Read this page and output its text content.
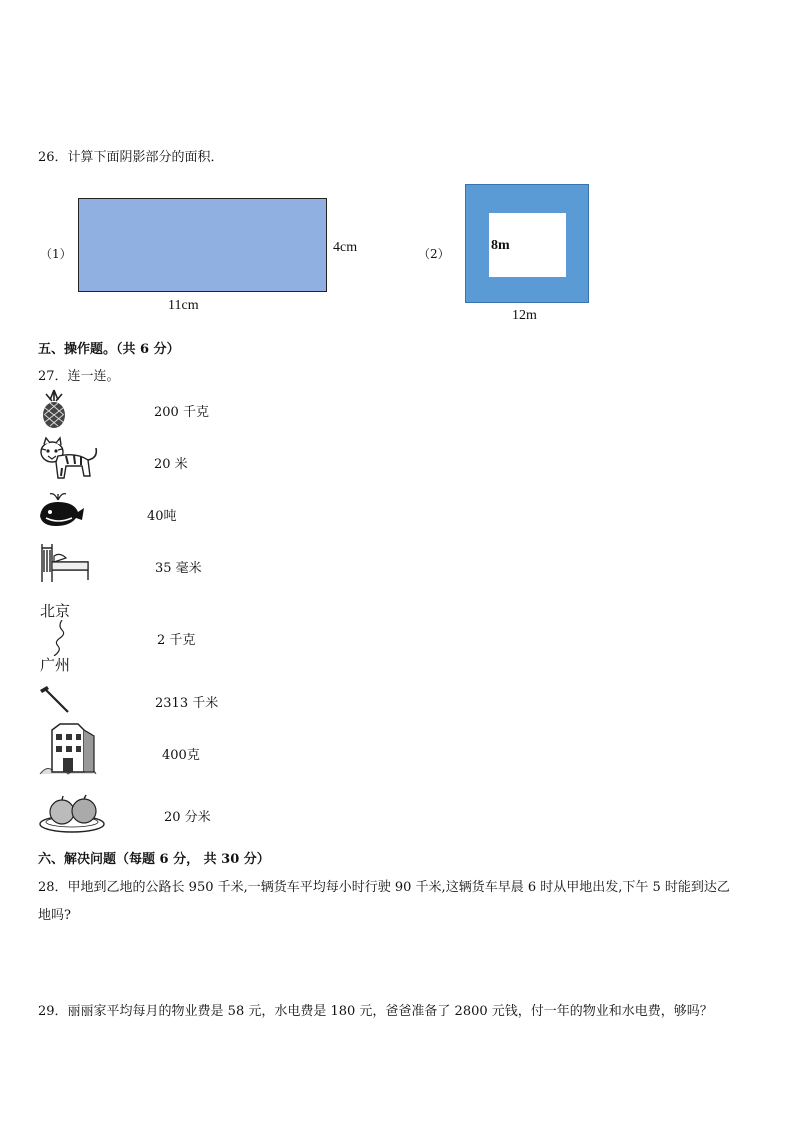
26．计算下面阴影部分的面积．
（1）	4cm
11cm
（2）
8m
12m
五、操作题。（共 6 分）
27．连一连。
北京
广州
200 千克
20 米
40吨
35 毫米
2 千克
2313 千米
400克
20 分米
六、解决问题（每题 6 分， 共 30 分）
28．甲地到乙地的公路长 950 千米,一辆货车平均每小时行驶 90 千米,这辆货车早晨 6 时从甲地出发,下午 5 时能到达乙
地吗?
29．丽丽家平均每月的物业费是 58 元，水电费是 180 元，爸爸准备了 2800 元钱，付一年的物业和水电费，够吗？
